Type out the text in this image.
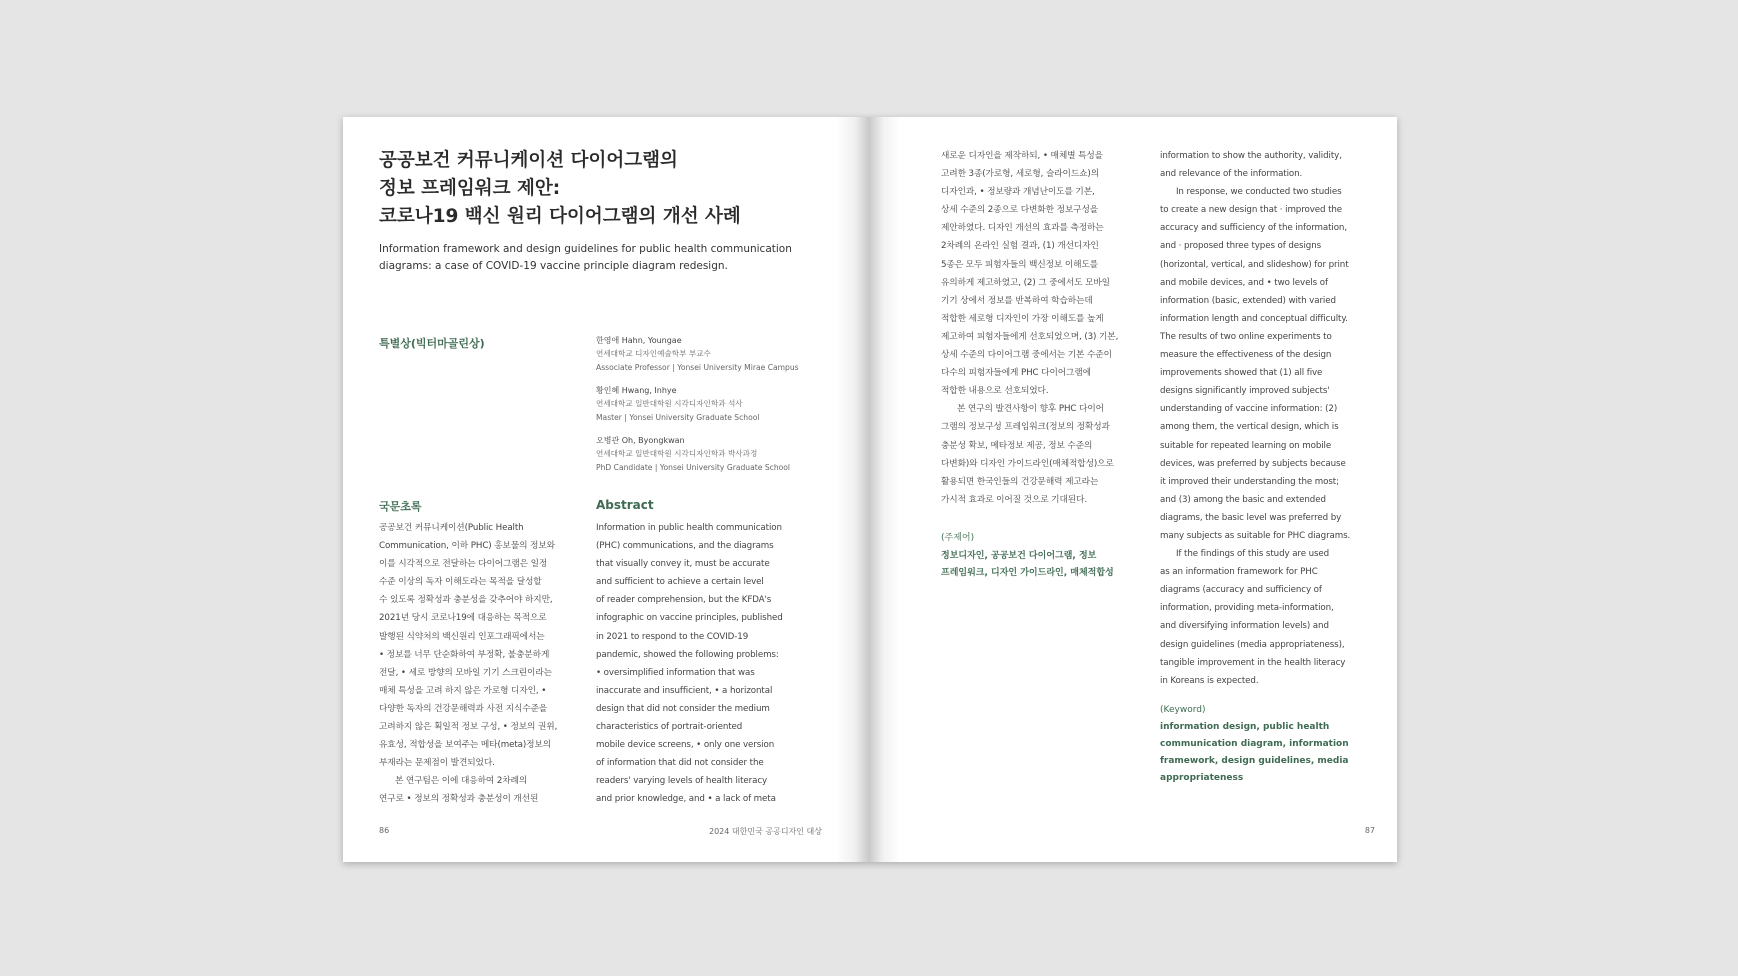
공공보건 커뮤니케이션 다이어그램의
정보 프레임워크 제안:
코로나19 백신 원리 다이어그램의 개선 사례
Information framework and design guidelines for public health communication
diagrams: a case of COVID-19 vaccine principle diagram redesign.
특별상(빅터마골린상)	한영애 Hahn, Youngae
연세대학교 디자인예술학부 부교수
Associate Professor | Yonsei University Mirae Campus
황인혜 Hwang, Inhye
연세대학교 일반대학원 시각디자인학과 석사
Master | Yonsei University Graduate School
오병관 Oh, Byongkwan
연세대학교 일반대학원 시각디자인학과 박사과정
PhD Candidate | Yonsei University Graduate School
국문초록
공공보건 커뮤니케이션(Public Health
Communication, 이하 PHC) 홍보물의 정보와
이를 시각적으로 전달하는 다이어그램은 일정
수준 이상의 독자 이해도라는 목적을 달성할
수 있도록 정확성과 충분성을 갖추어야 하지만,
2021년 당시 코로나19에 대응하는 목적으로
발행된 식약처의 백신원리 인포그래픽에서는
• 정보를 너무 단순화하여 부정확, 불충분하게
전달, • 세로 방향의 모바일 기기 스크린이라는
매체 특성을 고려 하지 않은 가로형 디자인, •
다양한 독자의 건강문해력과 사전 지식수준을
고려하지 않은 획일적 정보 구성, • 정보의 권위,
유효성, 적합성을 보여주는 메타(meta)정보의
부재라는 문제점이 발견되었다.
본 연구팀은 이에 대응하여 2차례의
연구로 • 정보의 정확성과 충분성이 개선된
Abstract
Information in public health communication
(PHC) communications, and the diagrams
that visually convey it, must be accurate
and sufficient to achieve a certain level
of reader comprehension, but the KFDA's
infographic on vaccine principles, published
in 2021 to respond to the COVID-19
pandemic, showed the following problems:
• oversimplified information that was
inaccurate and insufficient, • a horizontal
design that did not consider the medium
characteristics of portrait-oriented
mobile device screens, • only one version
of information that did not consider the
readers' varying levels of health literacy
and prior knowledge, and • a lack of meta
86	2024 대한민국 공공디자인 대상
새로운 디자인을 제작하되, • 매체별 특성을
고려한 3종(가로형, 세로형, 슬라이드쇼)의
디자인과, • 정보량과 개념난이도를 기본,
상세 수준의 2종으로 다변화한 정보구성을
제안하였다. 디자인 개선의 효과를 측정하는
2차례의 온라인 실험 결과, (1) 개선디자인
5종은 모두 피험자들의 백신정보 이해도를
유의하게 제고하였고, (2) 그 중에서도 모바일
기기 상에서 정보를 반복하여 학습하는데
적합한 세로형 디자인이 가장 이해도를 높게
제고하여 피험자들에게 선호되었으며, (3) 기본,
상세 수준의 다이어그램 중에서는 기본 수준이
다수의 피험자들에게 PHC 다이어그램에
적합한 내용으로 선호되었다.
본 연구의 발견사항이 향후 PHC 다이어
그램의 정보구성 프레임워크(정보의 정확성과
충분성 확보, 메타정보 제공, 정보 수준의
다변화)와 디자인 가이드라인(매체적합성)으로
활용되면 한국인들의 건강문해력 제고라는
가시적 효과로 이어질 것으로 기대된다.
(주제어)
정보디자인, 공공보건 다이어그램, 정보
프레임워크, 디자인 가이드라인, 매체적합성
information to show the authority, validity,
and relevance of the information.
In response, we conducted two studies
to create a new design that · improved the
accuracy and sufficiency of the information,
and · proposed three types of designs
(horizontal, vertical, and slideshow) for print
and mobile devices, and • two levels of
information (basic, extended) with varied
information length and conceptual difficulty.
The results of two online experiments to
measure the effectiveness of the design
improvements showed that (1) all five
designs significantly improved subjects'
understanding of vaccine information: (2)
among them, the vertical design, which is
suitable for repeated learning on mobile
devices, was preferred by subjects because
it improved their understanding the most;
and (3) among the basic and extended
diagrams, the basic level was preferred by
many subjects as suitable for PHC diagrams.
If the findings of this study are used
as an information framework for PHC
diagrams (accuracy and sufficiency of
information, providing meta-information,
and diversifying information levels) and
design guidelines (media appropriateness),
tangible improvement in the health literacy
in Koreans is expected.
(Keyword)
information design, public health
communication diagram, information
framework, design guidelines, media
appropriateness
87
